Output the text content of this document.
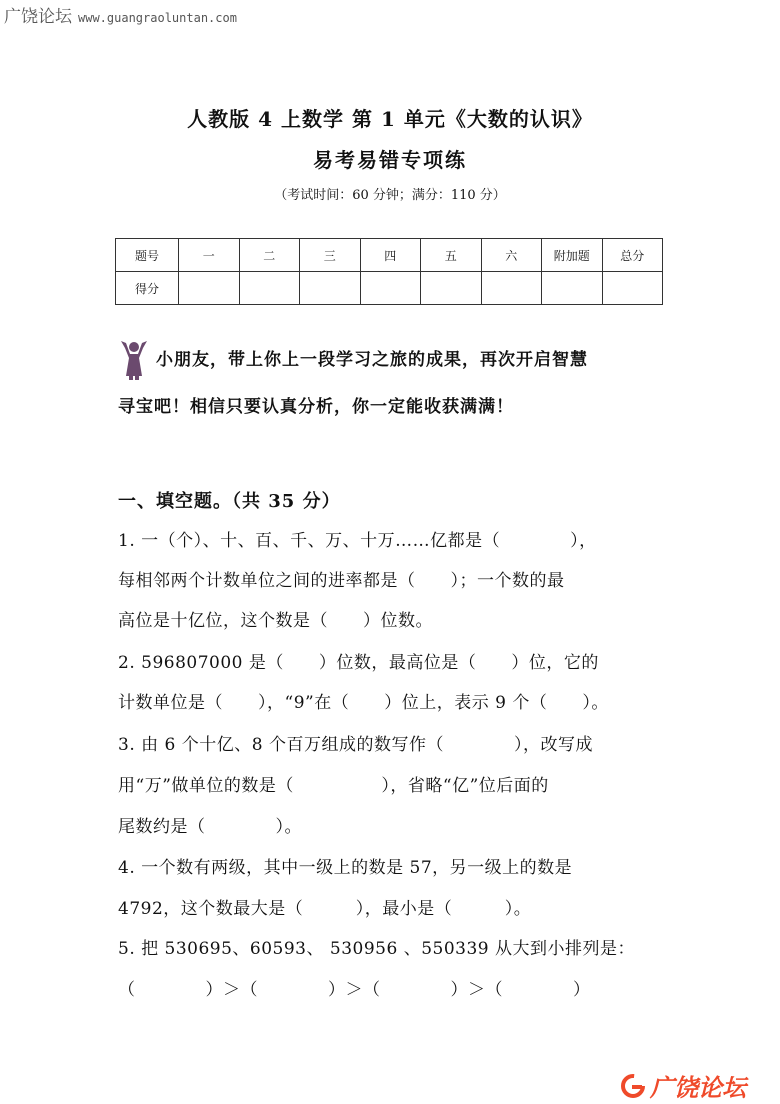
广饶论坛 www.guangraoluntan.com
人教版 4 上数学 第 1 单元《大数的认识》
易考易错专项练
（考试时间：60 分钟；满分：110 分）
题号	一	二	三	四	五	六	附加题	总分
得分								
小朋友，带上你上一段学习之旅的成果，再次开启智慧
寻宝吧！相信只要认真分析，你一定能收获满满！
一、填空题。（共 35 分）
1. 一（个）、十、百、千、万、十万……亿都是（　　　　），
每相邻两个计数单位之间的进率都是（　　）；一个数的最
高位是十亿位，这个数是（　　）位数。
2. 596807000 是（　　）位数，最高位是（　　）位，它的
计数单位是（　　），“9”在（　　）位上，表示 9 个（　　）。
3. 由 6 个十亿、8 个百万组成的数写作（　　　　），改写成
用“万”做单位的数是（　　　　　），省略“亿”位后面的
尾数约是（　　　　）。
4. 一个数有两级，其中一级上的数是 57，另一级上的数是
4792，这个数最大是（　　　），最小是（　　　）。
5. 把 530695、60593、 530956 、550339 从大到小排列是：
（　　　　）＞（　　　　）＞（　　　　）＞（　　　　）
广饶论坛
